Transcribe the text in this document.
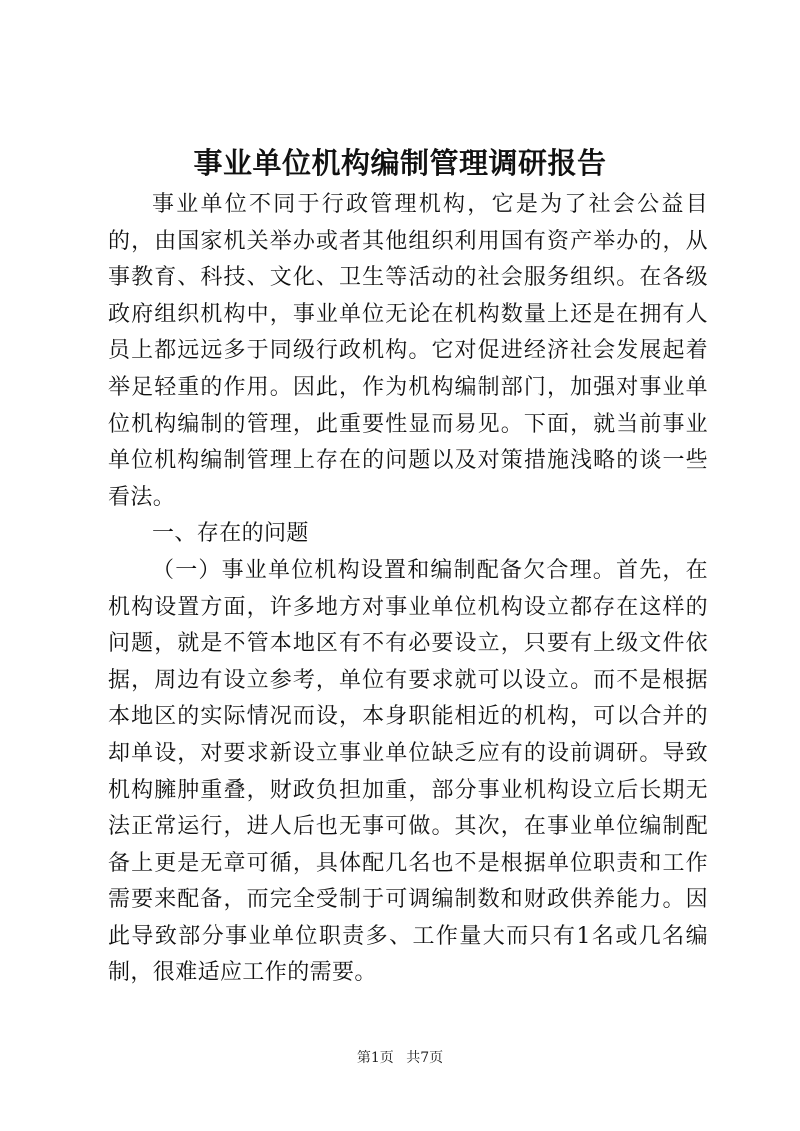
事业单位机构编制管理调研报告

事业单位不同于行政管理机构，它是为了社会公益目的，由国家机关举办或者其他组织利用国有资产举办的，从事教育、科技、文化、卫生等活动的社会服务组织。在各级政府组织机构中，事业单位无论在机构数量上还是在拥有人员上都远远多于同级行政机构。它对促进经济社会发展起着举足轻重的作用。因此，作为机构编制部门，加强对事业单位机构编制的管理，此重要性显而易见。下面，就当前事业单位机构编制管理上存在的问题以及对策措施浅略的谈一些看法。

一、存在的问题

（一）事业单位机构设置和编制配备欠合理。首先，在机构设置方面，许多地方对事业单位机构设立都存在这样的问题，就是不管本地区有不有必要设立，只要有上级文件依据，周边有设立参考，单位有要求就可以设立。而不是根据本地区的实际情况而设，本身职能相近的机构，可以合并的却单设，对要求新设立事业单位缺乏应有的设前调研。导致机构臃肿重叠，财政负担加重，部分事业机构设立后长期无法正常运行，进人后也无事可做。其次，在事业单位编制配备上更是无章可循，具体配几名也不是根据单位职责和工作需要来配备，而完全受制于可调编制数和财政供养能力。因此导致部分事业单位职责多、工作量大而只有1名或几名编制，很难适应工作的需要。

第1页 共7页
